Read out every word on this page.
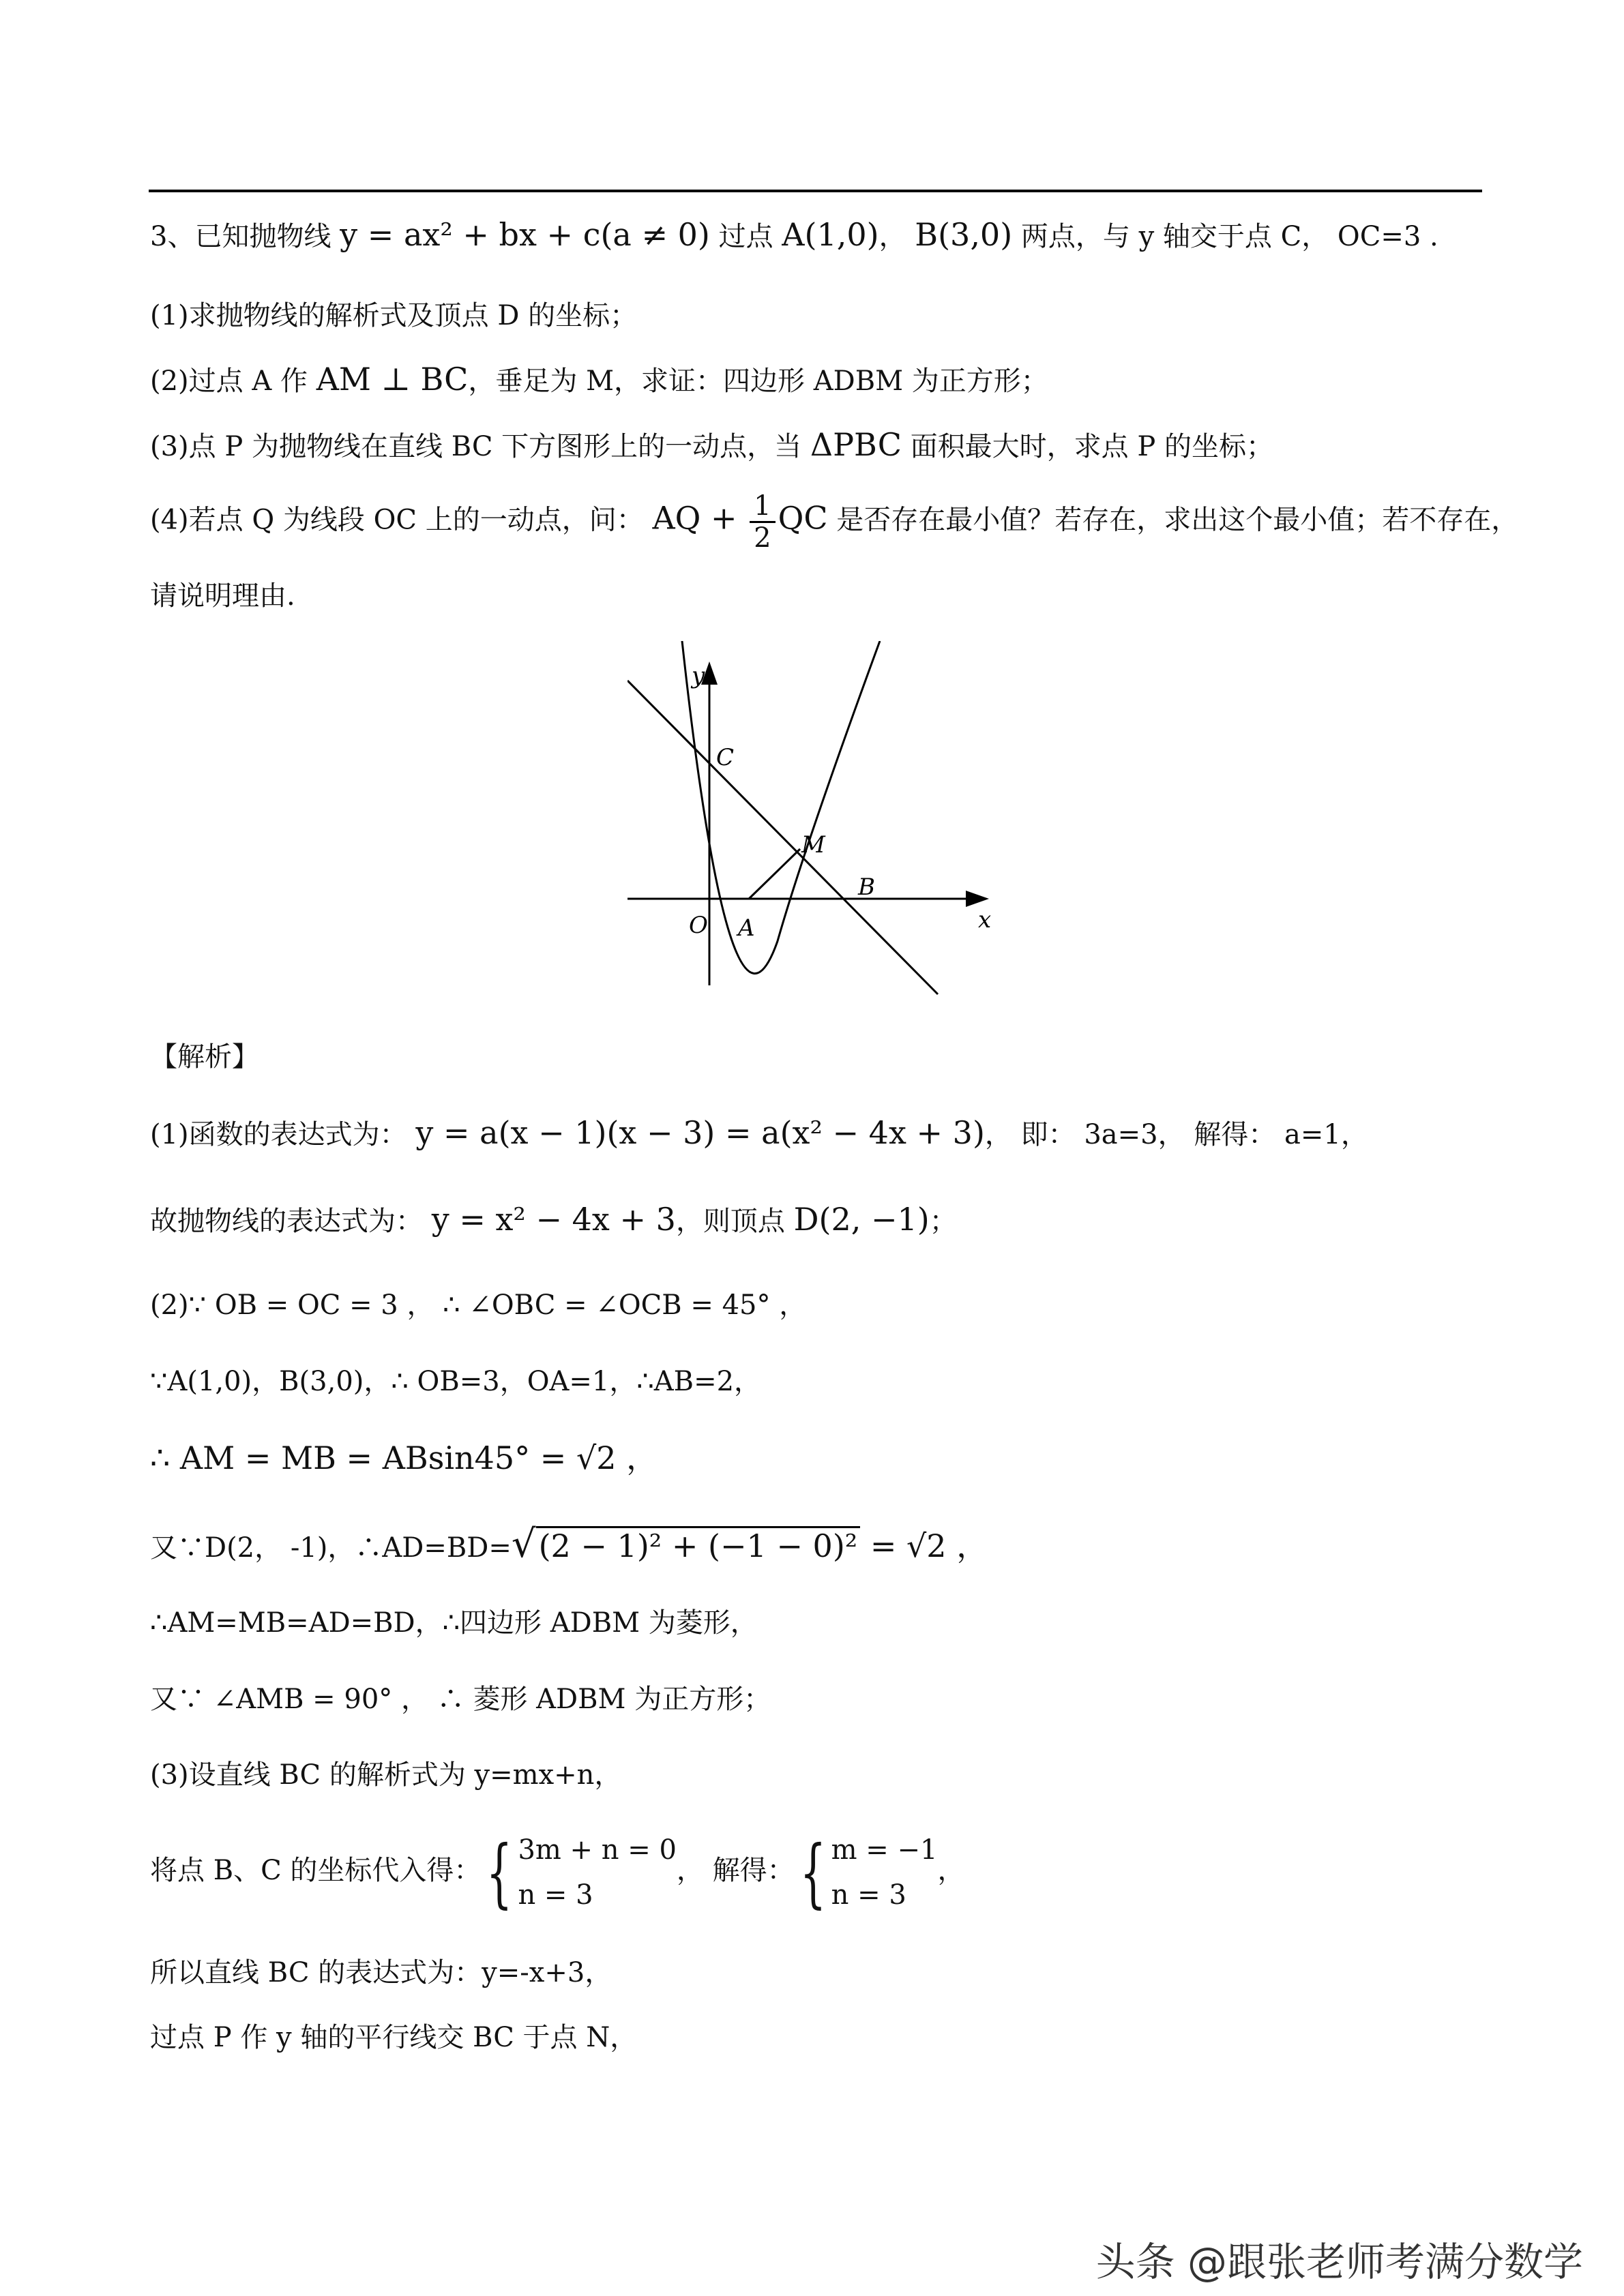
3、已知抛物线 y = ax² + bx + c(a ≠ 0) 过点 A(1,0)， B(3,0) 两点，与 y 轴交于点 C， OC=3 .
(1)求抛物线的解析式及顶点 D 的坐标；
(2)过点 A 作 AM ⊥ BC，垂足为 M，求证：四边形 ADBM 为正方形；
(3)点 P 为抛物线在直线 BC 下方图形上的一动点，当 ΔPBC 面积最大时，求点 P 的坐标；
(4)若点 Q 为线段 OC 上的一动点，问： AQ + $\frac{1}{2}$ QC 是否存在最小值？若存在，求出这个最小值；若不存在，
请说明理由.
y
x
C
M
B
O A
【解析】
(1)函数的表达式为： y = a(x − 1)(x − 3) = a(x² − 4x + 3)， 即： 3a=3， 解得： a=1，
故抛物线的表达式为： y = x² − 4x + 3，则顶点 D(2, −1)；
(2)∵ OB = OC = 3 ， ∴ ∠OBC = ∠OCB = 45° ，
∵A(1,0)，B(3,0)，∴ OB=3，OA=1，∴AB=2，
∴ AM = MB = ABsin45° = √2 ，
又∵D(2， -1)，∴AD=BD=√(2 − 1)² + (−1 − 0)² = √2 ，
∴AM=MB=AD=BD，∴四边形 ADBM 为菱形，
又∵ ∠AMB = 90° ， ∴ 菱形 ADBM 为正方形；
(3)设直线 BC 的解析式为 y=mx+n，
将点 B、C 的坐标代入得：{ 3m + n = 0
n = 3
， 解得：{ m = −1
n = 3
，
所以直线 BC 的表达式为：y=-x+3，
过点 P 作 y 轴的平行线交 BC 于点 N，
头条 @跟张老师考满分数学
